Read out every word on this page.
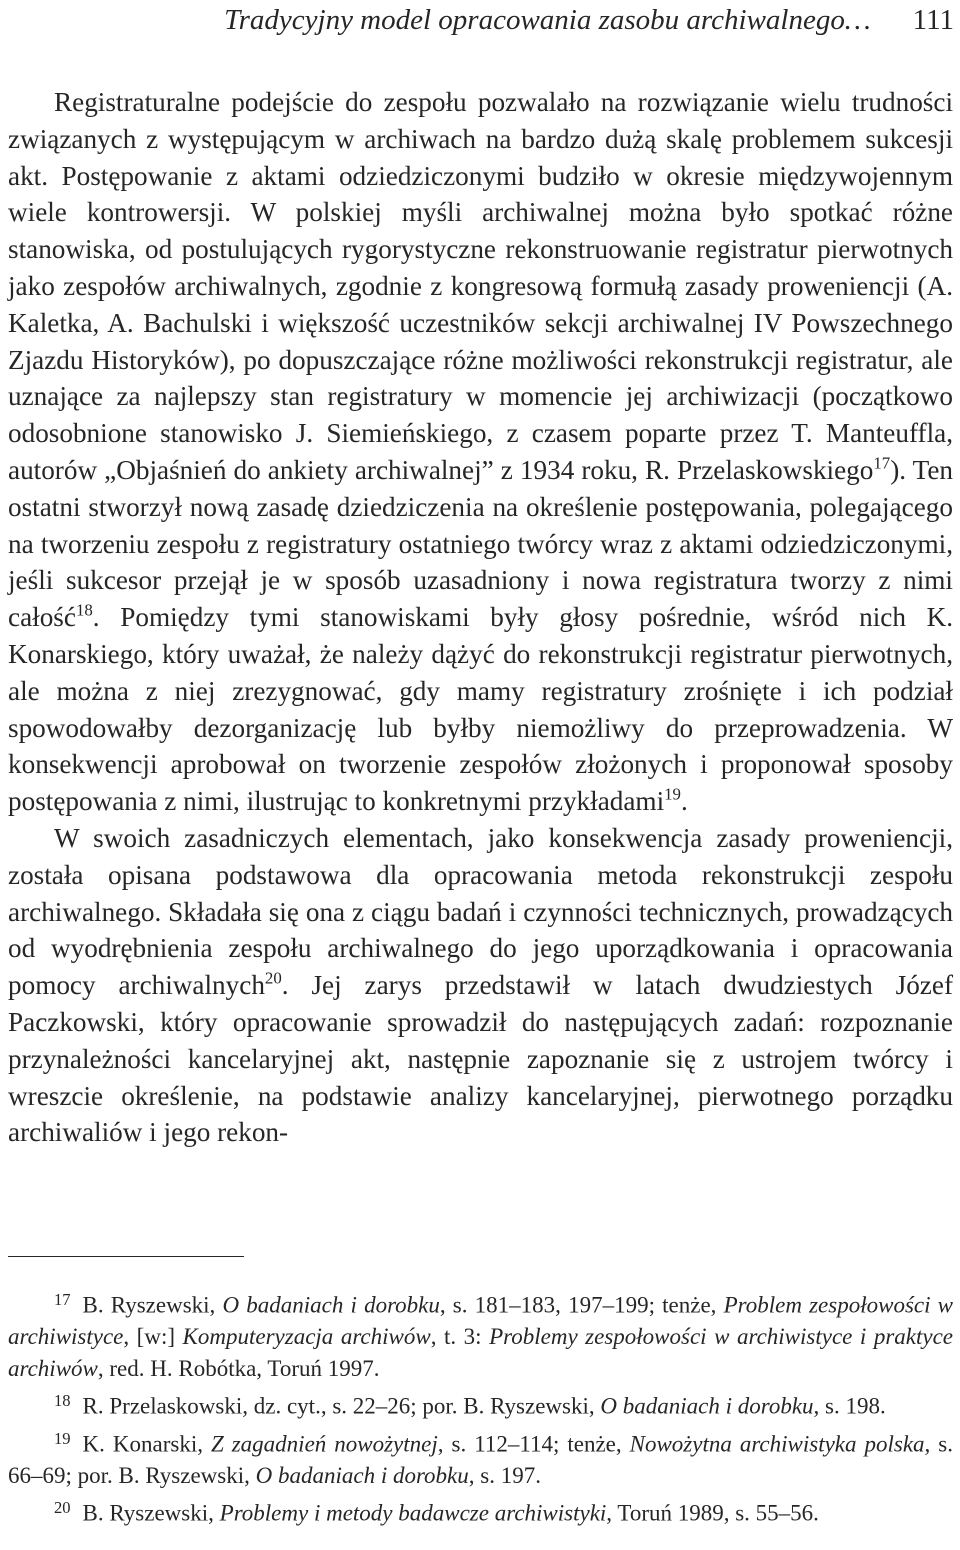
Tradycyjny model opracowania zasobu archiwalnego… 111

Registraturalne podejście do zespołu pozwalało na rozwiązanie wielu trudności związanych z występującym w archiwach na bardzo dużą skalę problemem sukcesji akt. Postępowanie z aktami odziedziczonymi budziło w okresie międzywojennym wiele kontrowersji. W polskiej myśli archiwalnej można było spotkać różne stanowiska, od postulujących rygorystyczne rekonstruowanie registratur pierwotnych jako zespołów archiwalnych, zgodnie z kongresową formułą zasady proweniencji (A. Kaletka, A. Bachulski i większość uczestników sekcji archiwalnej IV Powszechnego Zjazdu Historyków), po dopuszczające różne możliwości rekonstrukcji registratur, ale uznające za najlepszy stan registratury w momencie jej archiwizacji (początkowo odosobnione stanowisko J. Siemieńskiego, z czasem poparte przez T. Manteuffla, autorów „Objaśnień do ankiety archiwalnej” z 1934 roku, R. Przelaskowskiego$^{17}$). Ten ostatni stworzył nową zasadę dziedziczenia na określenie postępowania, polegającego na tworzeniu zespołu z registratury ostatniego twórcy wraz z aktami odziedziczonymi, jeśli sukcesor przejął je w sposób uzasadniony i nowa registratura tworzy z nimi całość$^{18}$. Pomiędzy tymi stanowiskami były głosy pośrednie, wśród nich K. Konarskiego, który uważał, że należy dążyć do rekonstrukcji registratur pierwotnych, ale można z niej zrezygnować, gdy mamy registratury zrośnięte i ich podział spowodowałby dezorganizację lub byłby niemożliwy do przeprowadzenia. W konsekwencji aprobował on tworzenie zespołów złożonych i proponował sposoby postępowania z nimi, ilustrując to konkretnymi przykładami$^{19}$.

W swoich zasadniczych elementach, jako konsekwencja zasady proweniencji, została opisana podstawowa dla opracowania metoda rekonstrukcji zespołu archiwalnego. Składała się ona z ciągu badań i czynności technicznych, prowadzących od wyodrębnienia zespołu archiwalnego do jego uporządkowania i opracowania pomocy archiwalnych$^{20}$. Jej zarys przedstawił w latach dwudziestych Józef Paczkowski, który opracowanie sprowadził do następujących zadań: rozpoznanie przynależności kancelaryjnej akt, następnie zapoznanie się z ustrojem twórcy i wreszcie określenie, na podstawie analizy kancelaryjnej, pierwotnego porządku archiwaliów i jego rekon-

$^{17}$ B. Ryszewski, O badaniach i dorobku, s. 181–183, 197–199; tenże, Problem zespołowości w archiwistyce, [w:] Komputeryzacja archiwów, t. 3: Problemy zespołowości w archiwistyce i praktyce archiwów, red. H. Robótka, Toruń 1997.

$^{18}$ R. Przelaskowski, dz. cyt., s. 22–26; por. B. Ryszewski, O badaniach i dorobku, s. 198.

$^{19}$ K. Konarski, Z zagadnień nowożytnej, s. 112–114; tenże, Nowożytna archiwistyka polska, s. 66–69; por. B. Ryszewski, O badaniach i dorobku, s. 197.

$^{20}$ B. Ryszewski, Problemy i metody badawcze archiwistyki, Toruń 1989, s. 55–56.
